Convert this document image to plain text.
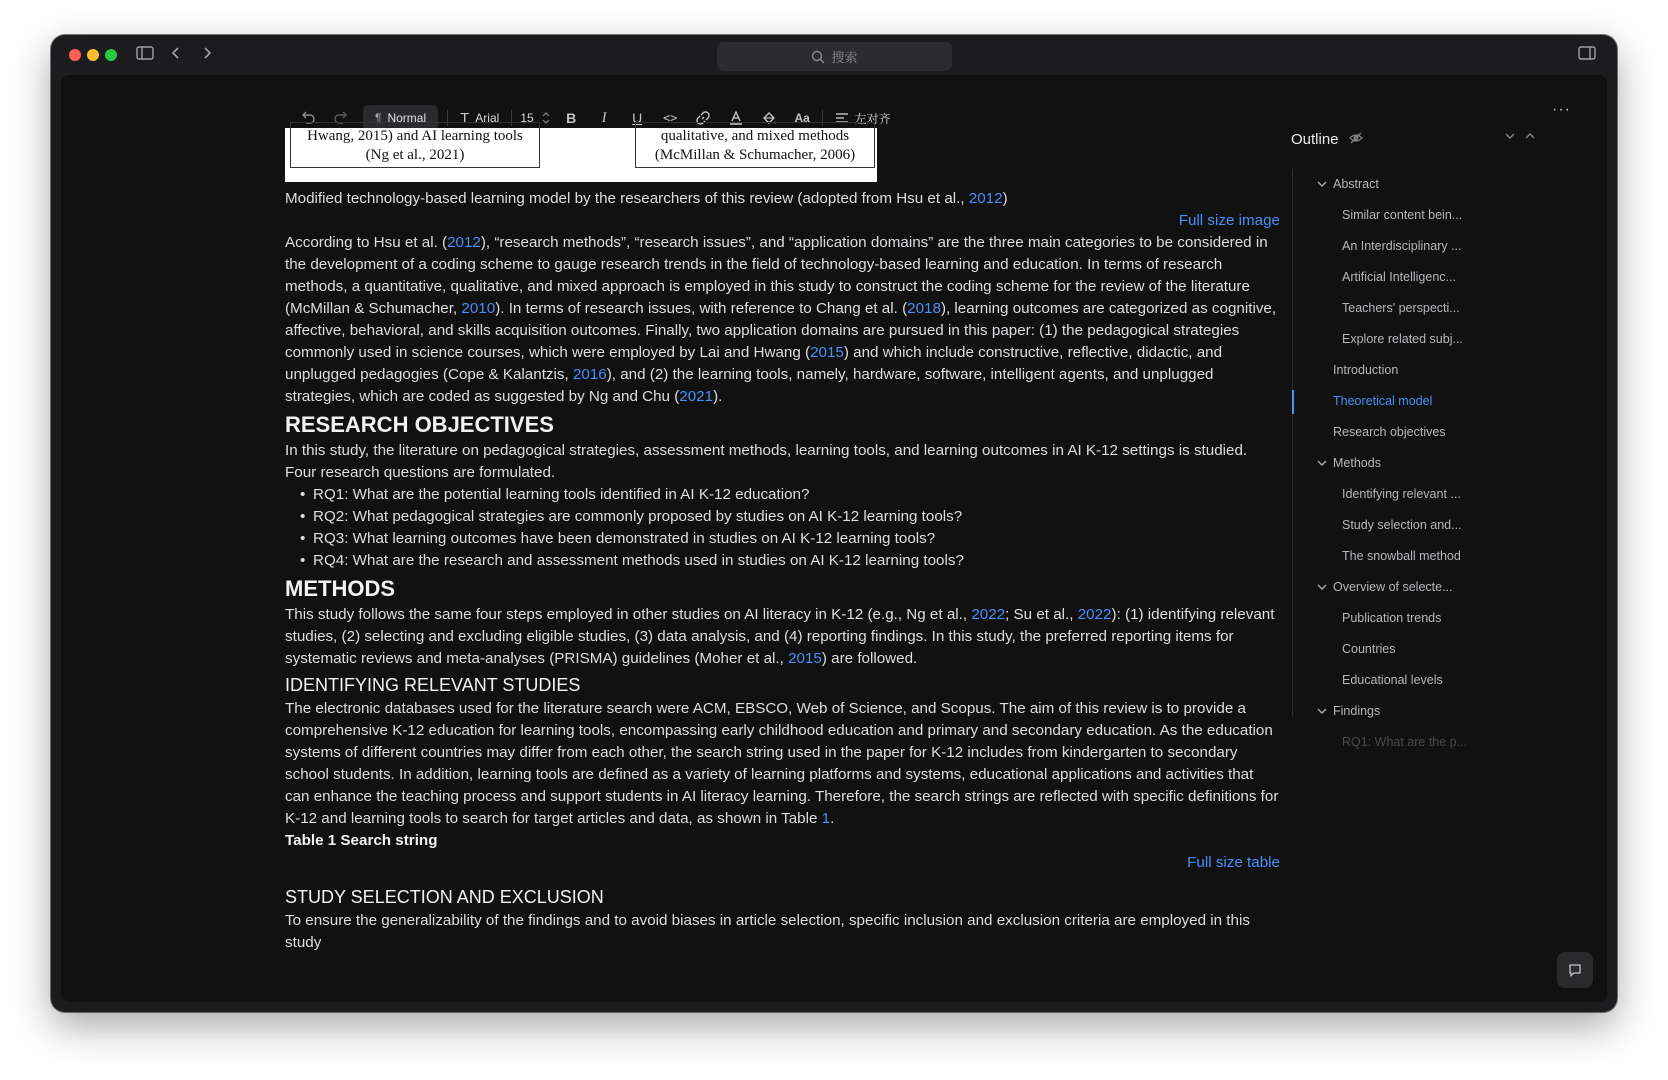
搜索
¶ Normal T Arial 15 B I U <>	Aa	左对齐
···
Hwang, 2015) and AI learning tools
(Ng et al., 2021)
qualitative, and mixed methods
(McMillan & Schumacher, 2006)

Modified technology-based learning model by the researchers of this review (adopted from Hsu et al., 2012)

Full size image

According to Hsu et al. (2012), “research methods”, “research issues”, and “application domains” are the three main categories to be considered in the development of a coding scheme to gauge research trends in the field of technology-based learning and education. In terms of research methods, a quantitative, qualitative, and mixed approach is employed in this study to construct the coding scheme for the review of the literature (McMillan & Schumacher, 2010). In terms of research issues, with reference to Chang et al. (2018), learning outcomes are categorized as cognitive, affective, behavioral, and skills acquisition outcomes. Finally, two application domains are pursued in this paper: (1) the pedagogical strategies commonly used in science courses, which were employed by Lai and Hwang (2015) and which include constructive, reflective, didactic, and unplugged pedagogies (Cope & Kalantzis, 2016), and (2) the learning tools, namely, hardware, software, intelligent agents, and unplugged strategies, which are coded as suggested by Ng and Chu (2021).

RESEARCH OBJECTIVES

In this study, the literature on pedagogical strategies, assessment methods, learning tools, and learning outcomes in AI K-12 settings is studied. Four research questions are formulated.

• RQ1: What are the potential learning tools identified in AI K-12 education?
• RQ2: What pedagogical strategies are commonly proposed by studies on AI K-12 learning tools?
• RQ3: What learning outcomes have been demonstrated in studies on AI K-12 learning tools?
• RQ4: What are the research and assessment methods used in studies on AI K-12 learning tools?
METHODS

This study follows the same four steps employed in other studies on AI literacy in K-12 (e.g., Ng et al., 2022; Su et al., 2022): (1) identifying relevant studies, (2) selecting and excluding eligible studies, (3) data analysis, and (4) reporting findings. In this study, the preferred reporting items for systematic reviews and meta-analyses (PRISMA) guidelines (Moher et al., 2015) are followed.

IDENTIFYING RELEVANT STUDIES

The electronic databases used for the literature search were ACM, EBSCO, Web of Science, and Scopus. The aim of this review is to provide a comprehensive K-12 education for learning tools, encompassing early childhood education and primary and secondary education. As the education systems of different countries may differ from each other, the search string used in the paper for K-12 includes from kindergarten to secondary school students. In addition, learning tools are defined as a variety of learning platforms and systems, educational applications and activities that can enhance the teaching process and support students in AI literacy learning. Therefore, the search strings are reflected with specific definitions for K-12 and learning tools to search for target articles and data, as shown in Table 1.

Table 1 Search string

Full size table

STUDY SELECTION AND EXCLUSION

To ensure the generalizability of the findings and to avoid biases in article selection, specific inclusion and exclusion criteria are employed in this study

Outline
Abstract
Similar content bein...
An Interdisciplinary ...
Artificial Intelligenc...
Teachers' perspecti...
Explore related subj...
Introduction
Theoretical model
Research objectives
Methods
Identifying relevant ...
Study selection and...
The snowball method
Overview of selecte...
Publication trends
Countries
Educational levels
Findings
RQ1: What are the p...
